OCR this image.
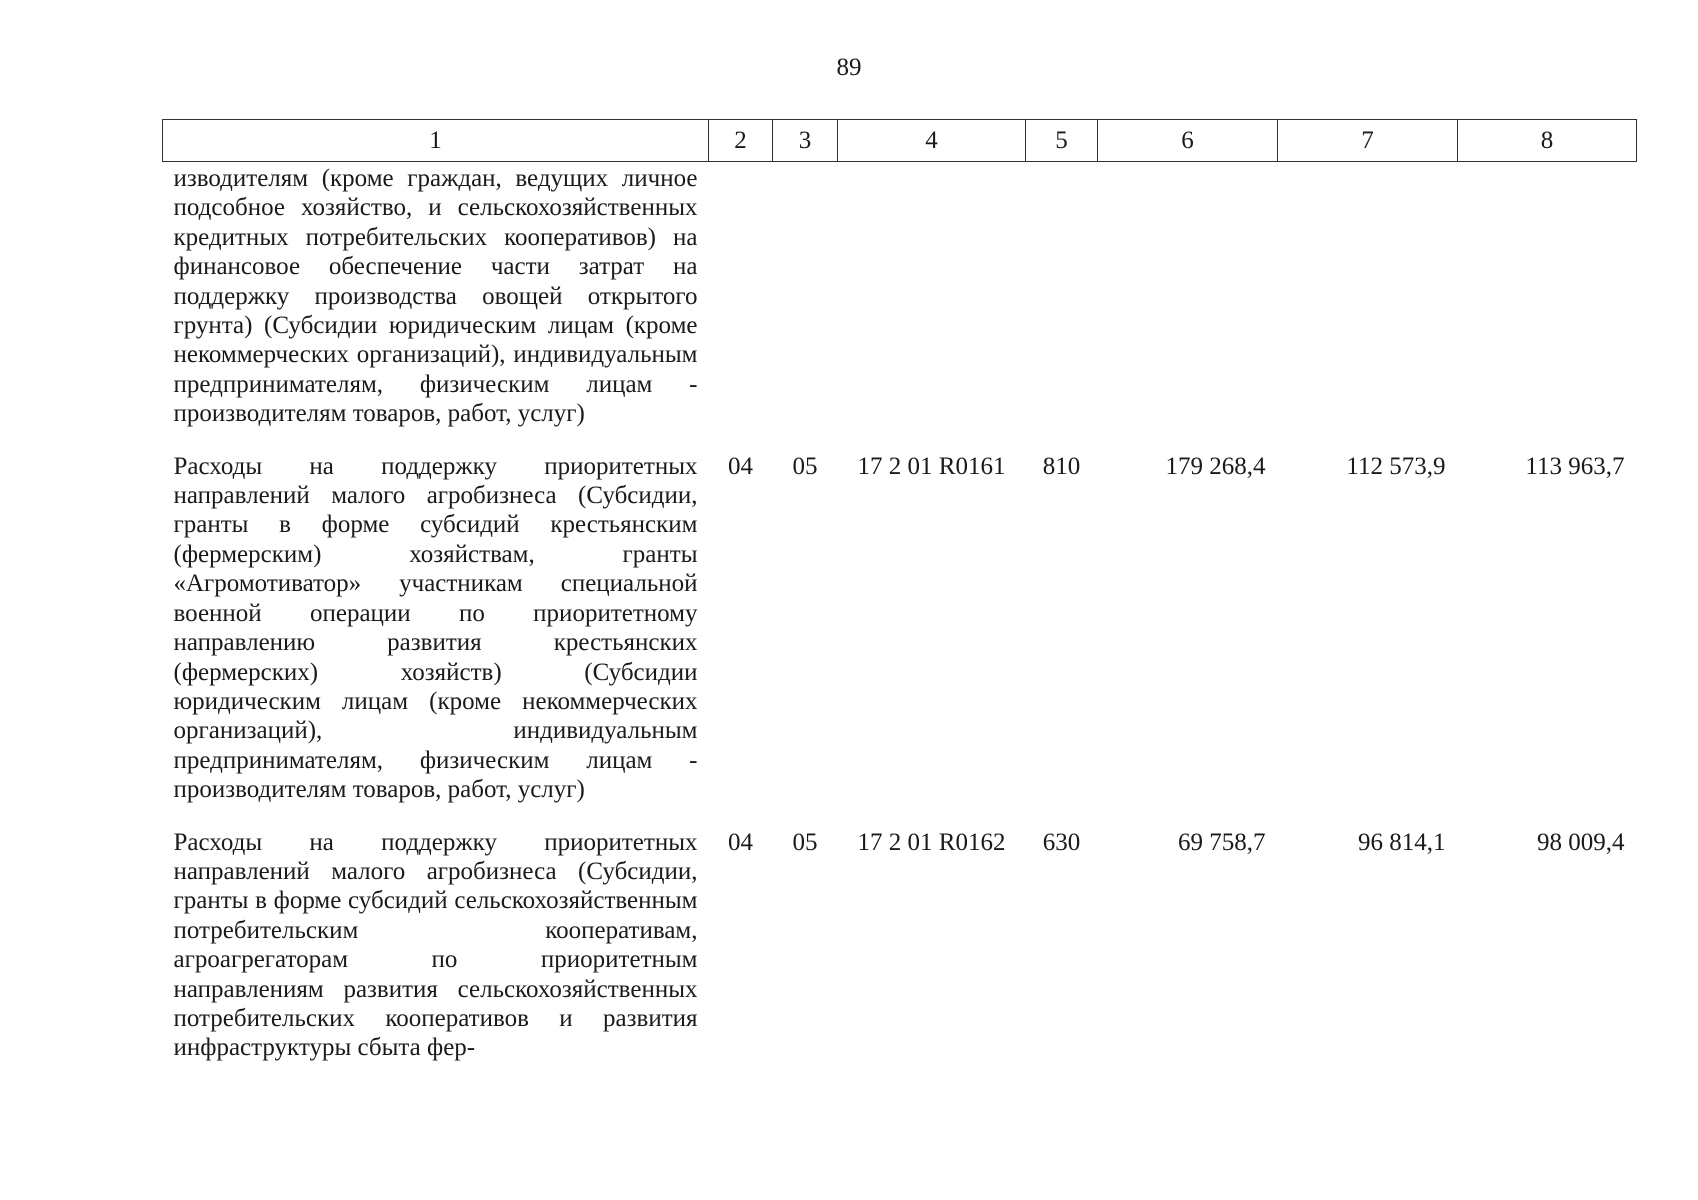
89
1	2	3	4	5	6	7	8
изводителям (кроме граждан, ведущих личное подсобное хозяйство, и сельскохозяйственных кредитных потребительских кооперативов) на финансовое обеспечение части затрат на поддержку производства овощей открытого грунта) (Субсидии юридическим лицам (кроме некоммерческих организаций), индивидуальным предпринимателям, физическим лицам - производителям товаров, работ, услуг)							
Расходы на поддержку приоритетных направлений малого агробизнеса (Субсидии, гранты в форме субсидий крестьянским (фермерским) хозяйствам, гранты «Агромотиватор» участникам специальной военной операции по приоритетному направлению развития крестьянских (фермерских) хозяйств) (Субсидии юридическим лицам (кроме некоммерческих организаций), индивидуальным предпринимателям, физическим лицам - производителям товаров, работ, услуг)	04	05	17 2 01 R0161	810	179 268,4	112 573,9	113 963,7
Расходы на поддержку приоритетных направлений малого агробизнеса (Субсидии, гранты в форме субсидий сельскохозяйственным потребительским кооперативам, агроагрегаторам по приоритетным направлениям развития сельскохозяйственных потребительских кооперативов и развития инфраструктуры сбыта фер-	04	05	17 2 01 R0162	630	69 758,7	96 814,1	98 009,4
